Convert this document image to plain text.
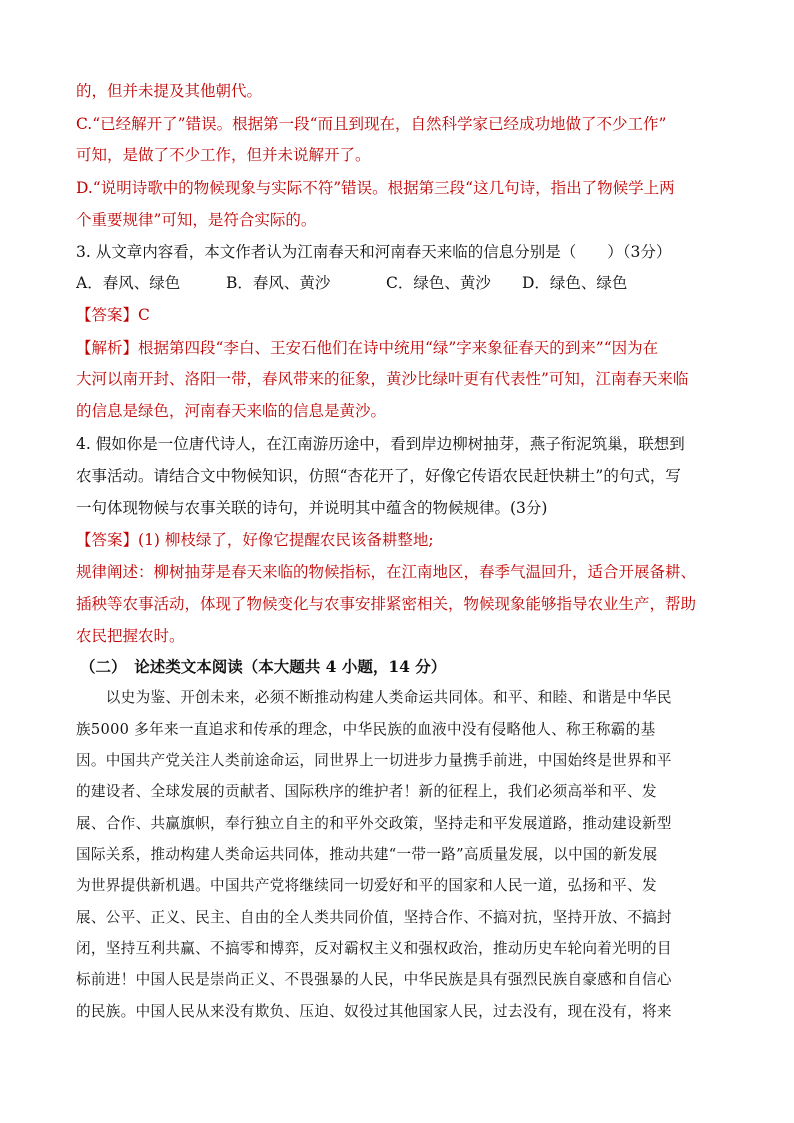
的，但并未提及其他朝代。
C.“已经解开了”错误。根据第一段“而且到现在，自然科学家已经成功地做了不少工作”
可知，是做了不少工作，但并未说解开了。
D.“说明诗歌中的物候现象与实际不符”错误。根据第三段“这几句诗，指出了物候学上两
个重要规律”可知，是符合实际的。
3. 从文章内容看，本文作者认为江南春天和河南春天来临的信息分别是（　　）（3分）
A．春风、绿色	B．春风、黄沙	C．绿色、黄沙 D．绿色、绿色
【答案】C
【解析】根据第四段“李白、王安石他们在诗中统用“绿”字来象征春天的到来”“因为在
大河以南开封、洛阳一带，春风带来的征象，黄沙比绿叶更有代表性”可知，江南春天来临
的信息是绿色，河南春天来临的信息是黄沙。
4. 假如你是一位唐代诗人，在江南游历途中，看到岸边柳树抽芽，燕子衔泥筑巢，联想到
农事活动。请结合文中物候知识，仿照“杏花开了，好像它传语农民赶快耕土”的句式，写
一句体现物候与农事关联的诗句，并说明其中蕴含的物候规律。(3分)
【答案】(1) 柳枝绿了，好像它提醒农民该备耕整地;
规律阐述：柳树抽芽是春天来临的物候指标，在江南地区，春季气温回升，适合开展备耕、
插秧等农事活动，体现了物候变化与农事安排紧密相关，物候现象能够指导农业生产，帮助
农民把握农时。
（二）　论述类文本阅读（本大题共 4 小题，14 分）
　　以史为鉴、开创未来，必须不断推动构建人类命运共同体。和平、和睦、和谐是中华民
族5000 多年来一直追求和传承的理念，中华民族的血液中没有侵略他人、称王称霸的基
因。中国共产党关注人类前途命运，同世界上一切进步力量携手前进，中国始终是世界和平
的建设者、全球发展的贡献者、国际秩序的维护者！新的征程上，我们必须高举和平、发
展、合作、共赢旗帜，奉行独立自主的和平外交政策，坚持走和平发展道路，推动建设新型
国际关系，推动构建人类命运共同体，推动共建“一带一路”高质量发展，以中国的新发展
为世界提供新机遇。中国共产党将继续同一切爱好和平的国家和人民一道，弘扬和平、发
展、公平、正义、民主、自由的全人类共同价值，坚持合作、不搞对抗，坚持开放、不搞封
闭，坚持互利共赢、不搞零和博弈，反对霸权主义和强权政治，推动历史车轮向着光明的目
标前进！中国人民是崇尚正义、不畏强暴的人民，中华民族是具有强烈民族自豪感和自信心
的民族。中国人民从来没有欺负、压迫、奴役过其他国家人民，过去没有，现在没有，将来
